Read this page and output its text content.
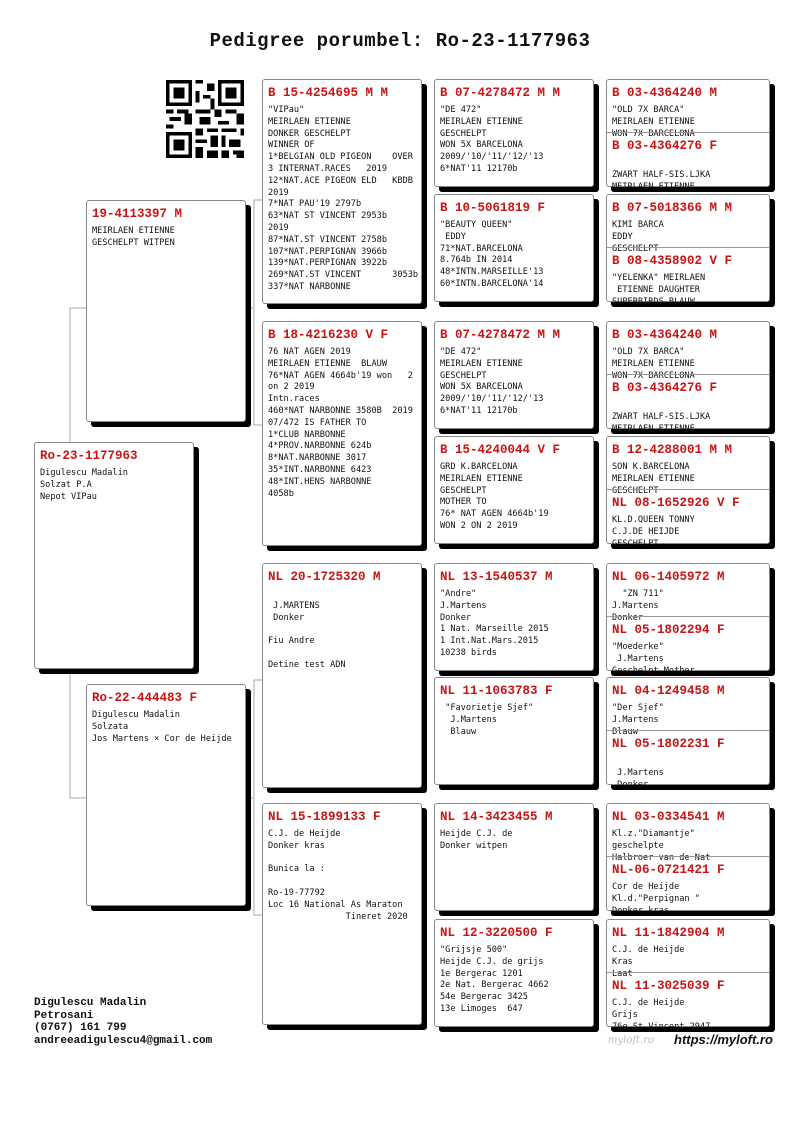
Pedigree porumbel: Ro-23-1177963
Ro-23-1177963
Digulescu Madalin
Solzat P.A
Nepot VIPau
19-4113397 M
MEIRLAEN ETIENNE
GESCHELPT WITPEN
Ro-22-444483 F
Digulescu Madalin
Solzata
Jos Martens × Cor de Heijde
B 15-4254695 M M
"VIPau"
MEIRLAEN ETIENNE
DONKER GESCHELPT
WINNER OF
1*BELGIAN OLD PIGEON    OVER
3 INTERNAT.RACES   2019
12*NAT.ACE PIGEON ELD   KBDB
2019
7*NAT PAU'19 2797b
63*NAT ST VINCENT 2953b
2019
87*NAT.ST VINCENT 2758b
107*NAT.PERPIGNAN 3966b
139*NAT.PERPIGNAN 3922b
269*NAT.ST VINCENT      3053b
337*NAT NARBONNE
B 18-4216230 V F
76 NAT AGEN 2019
MEIRLAEN ETIENNE  BLAUW
76*NAT AGEN 4664b'19 won   2
on 2 2019
Intn.races
460*NAT NARBONNE 3580B  2019
07/472 IS FATHER TO
1*CLUB NARBONNE
4*PROV.NARBONNE 624b
8*NAT.NARBONNE 3017
35*INT.NARBONNE 6423
48*INT.HENS NARBONNE
4058b
NL 20-1725320 M

J.MARTENS
Donker

Fiu Andre

Detine test ADN
NL 15-1899133 F
C.J. de Heijde
Donker kras

Bunica la :

Ro-19-77792
Loc 16 National As Maraton
Tineret 2020
B 07-4278472 M M
"DE 472"
MEIRLAEN ETIENNE
GESCHELPT
WON 5X BARCELONA
2009/'10/'11/'12/'13
6*NAT'11 12170b
B 10-5061819 F
"BEAUTY QUEEN"
EDDY
71*NAT.BARCELONA
8.764b IN 2014
48*INTN.MARSEILLE'13
60*INTN.BARCELONA'14
B 07-4278472 M M
"DE 472"
MEIRLAEN ETIENNE
GESCHELPT
WON 5X BARCELONA
2009/'10/'11/'12/'13
6*NAT'11 12170b
B 15-4240044 V F
GRD K.BARCELONA
MEIRLAEN ETIENNE
GESCHELPT
MOTHER TO
76* NAT AGEN 4664b'19
WON 2 ON 2 2019
NL 13-1540537 M
"Andre"
J.Martens
Donker
1 Nat. Marseille 2015
1 Int.Nat.Mars.2015
10238 birds
NL 11-1063783 F
"Favorietje Sjef"
J.Martens
Blauw
NL 14-3423455 M
Heijde C.J. de
Donker witpen
NL 12-3220500 F
"Grijsje 500"
Heijde C.J. de grijs
1e Bergerac 1201
2e Nat. Bergerac 4662
54e Bergerac 3425
13e Limoges  647
B 03-4364240 M
"OLD 7X BARCA"
MEIRLAEN ETIENNE
WON 7X BARCELONA
B 03-4364276 F

ZWART HALF-SIS.LJKA
MEIRLAEN ETIENNE
B 07-5018366 M M
KIMI BARCA
EDDY
GESCHELPT
B 08-4358902 V F
"YELENKA" MEIRLAEN
ETIENNE DAUGHTER
SUPERBIRDS BLAUW
B 03-4364240 M
"OLD 7X BARCA"
MEIRLAEN ETIENNE
WON 7X BARCELONA
B 03-4364276 F

ZWART HALF-SIS.LJKA
MEIRLAEN ETIENNE
B 12-4288001 M M
SON K.BARCELONA
MEIRLAEN ETIENNE
GESCHELPT
NL 08-1652926 V F
KL.D.QUEEN TONNY
C.J.DE HEIJDE
GESCHELPT
NL 06-1405972 M
"ZN 711"
J.Martens
Donker
NL 05-1802294 F
"Moederke"
J.Martens
Geschelpt Mother
NL 04-1249458 M
"Der Sjef"
J.Martens
Blauw
NL 05-1802231 F

J.Martens
Donker
NL 03-0334541 M
Kl.z."Diamantje"
geschelpte
Halbroer van de Nat
NL-06-0721421 F
Cor de Heijde
Kl.d."Perpignan "
Donker kras
NL 11-1842904 M
C.J. de Heijde
Kras
Laat
NL 11-3025039 F
C.J. de Heijde
Grijs
76e St Vincent 2947
Digulescu Madalin
Petrosani
(0767) 161 799
andreeadigulescu4@gmail.com	myloft.ro https://myloft.ro
